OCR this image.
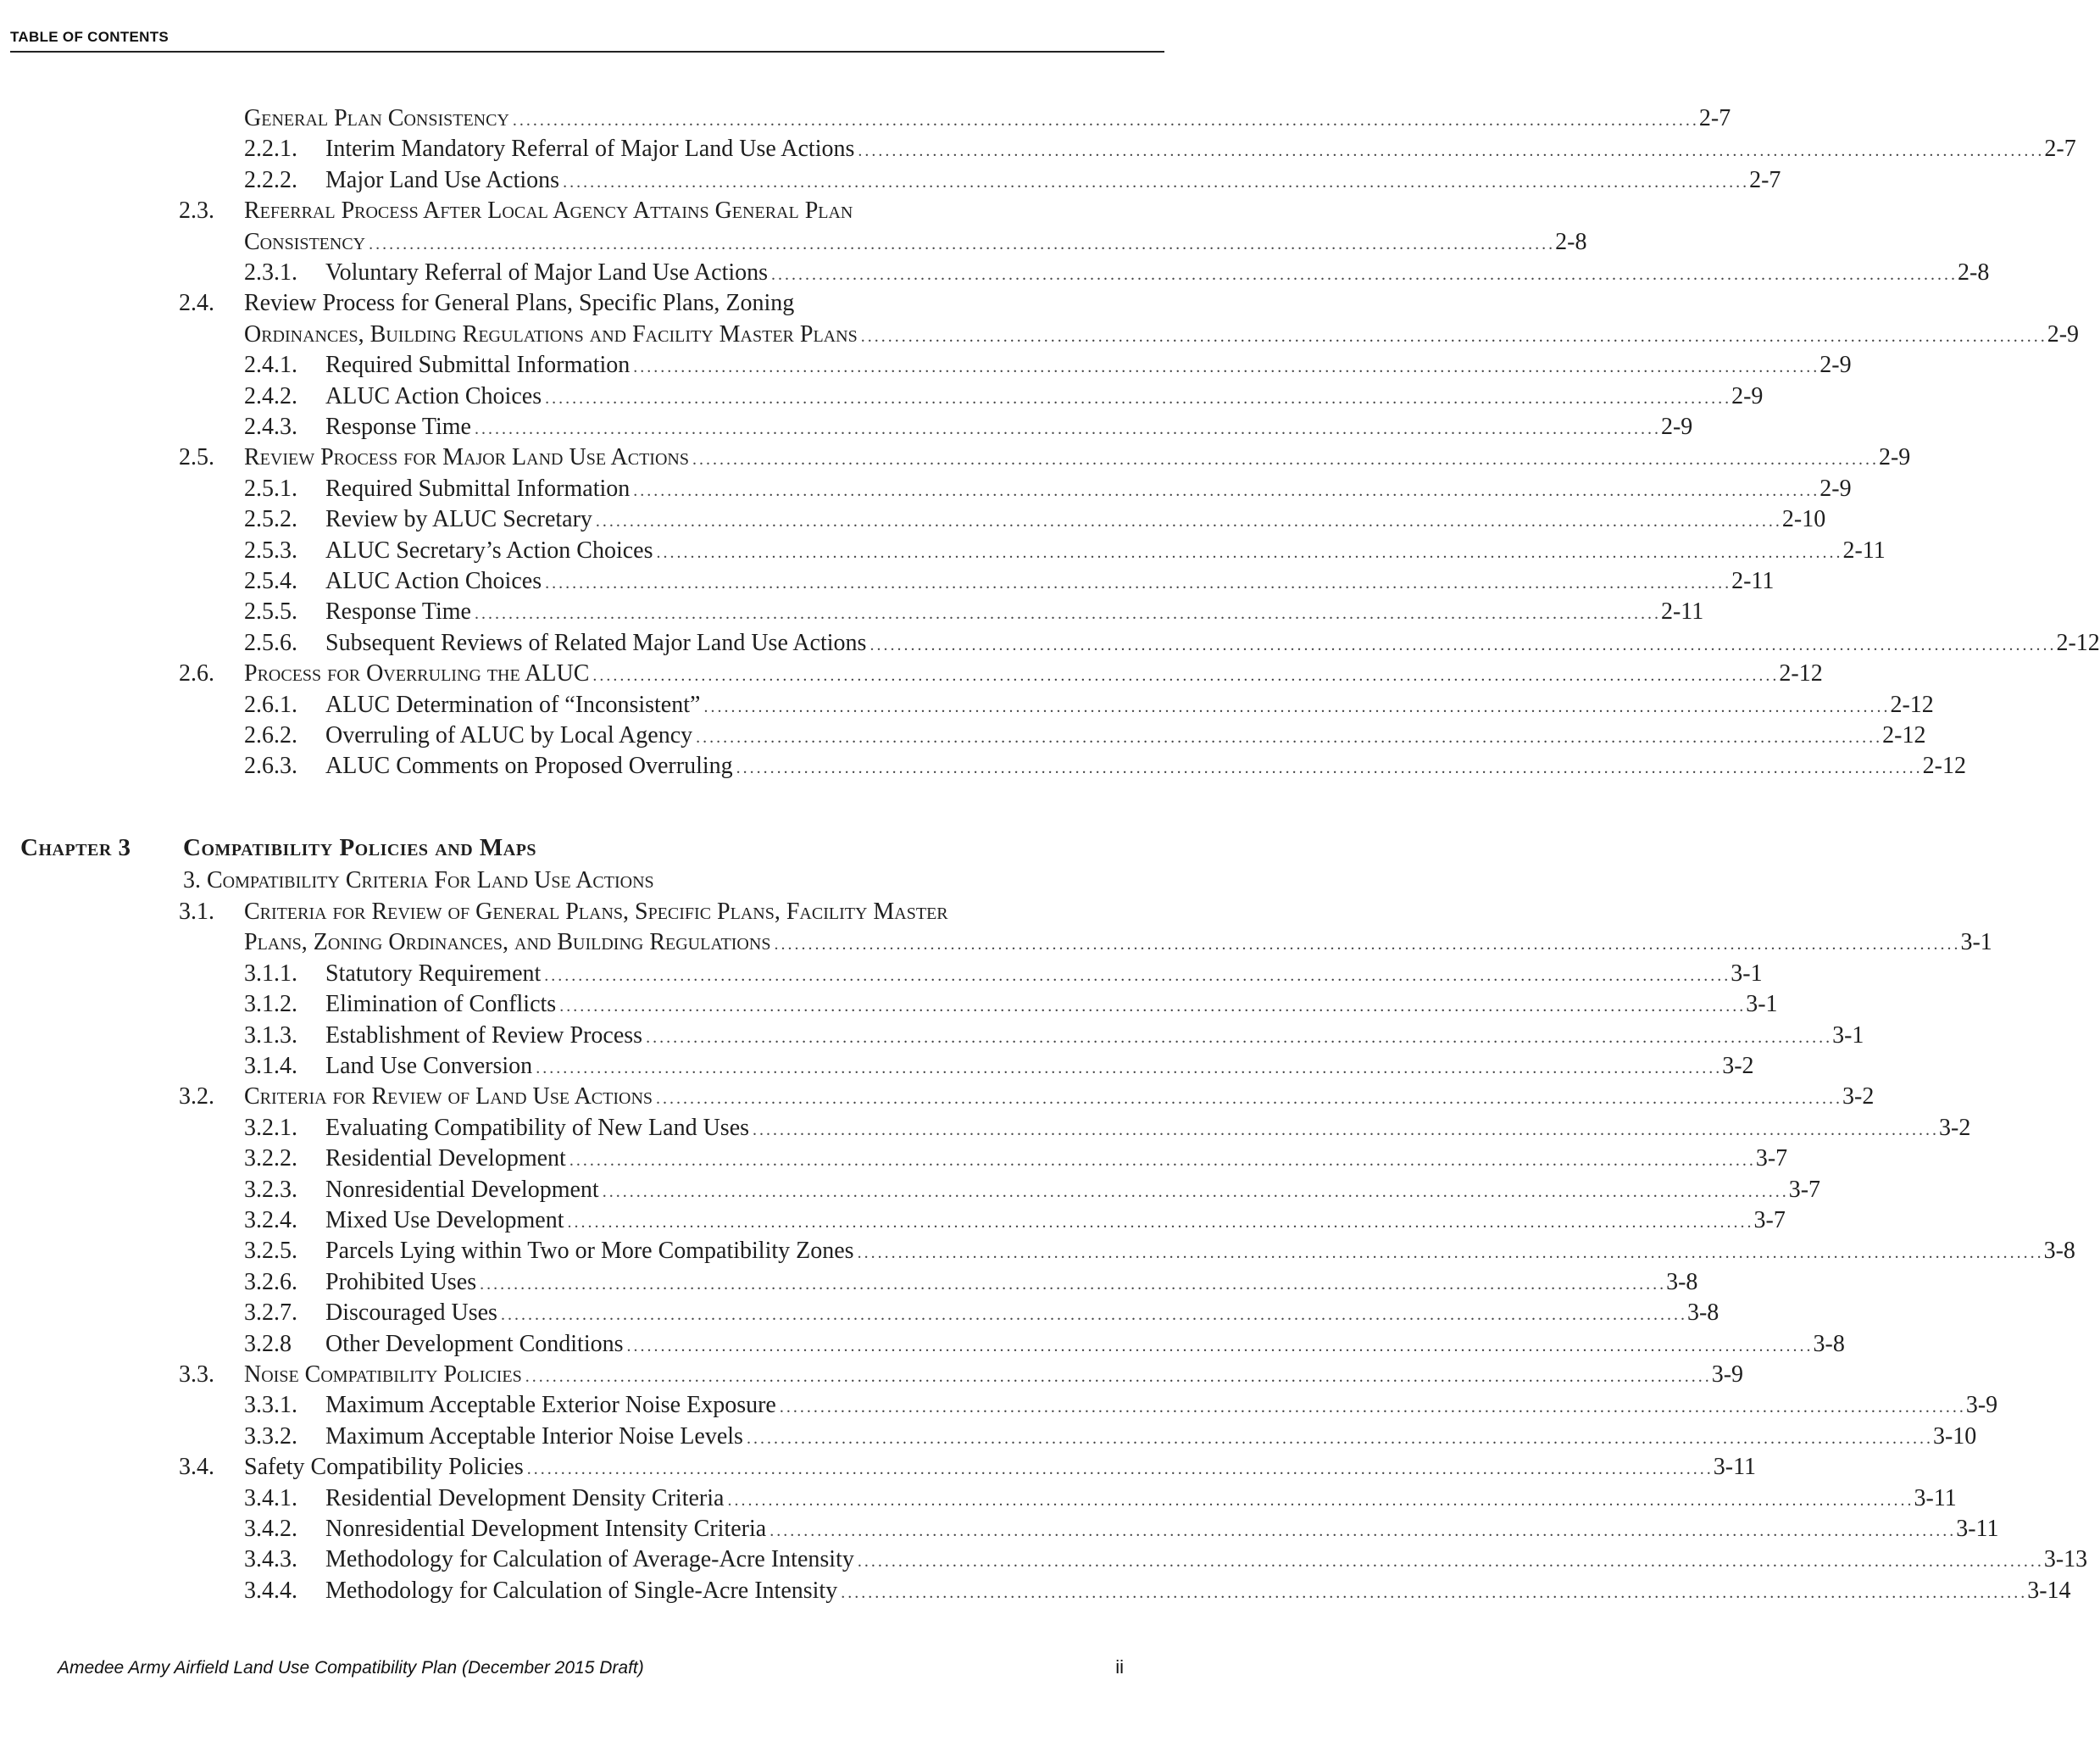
TABLE OF CONTENTS
General Plan Consistency . . .	2-7
2.2.1. Interim Mandatory Referral of Major Land Use Actions . . .	2-7
2.2.2. Major Land Use Actions . . .	2-7
2.3. Referral Process After Local Agency Attains General Plan
Consistency . . .	2-8
2.3.1. Voluntary Referral of Major Land Use Actions . . .	2-8
2.4. Review Process for General Plans, Specific Plans, Zoning
Ordinances, Building Regulations and Facility Master Plans . . .	2-9
2.4.1. Required Submittal Information . . .	2-9
2.4.2. ALUC Action Choices . . .	2-9
2.4.3. Response Time . . .	2-9
2.5. Review Process for Major Land Use Actions . . .	2-9
2.5.1. Required Submittal Information . . .	2-9
2.5.2. Review by ALUC Secretary . . .	2-10
2.5.3. ALUC Secretary’s Action Choices . . .	2-11
2.5.4. ALUC Action Choices . . .	2-11
2.5.5. Response Time . . .	2-11
2.5.6. Subsequent Reviews of Related Major Land Use Actions . . .	2-12
2.6. Process for Overruling the ALUC . . .	2-12
2.6.1. ALUC Determination of “Inconsistent” . . .	2-12
2.6.2. Overruling of ALUC by Local Agency . . .	2-12
2.6.3. ALUC Comments on Proposed Overruling . . .	2-12
3.1. Criteria for Review of General Plans, Specific Plans, Facility Master
Plans, Zoning Ordinances, and Building Regulations . . .	3-1
3.1.1. Statutory Requirement . . .	3-1
3.1.2. Elimination of Conflicts . . .	3-1
3.1.3. Establishment of Review Process . . .	3-1
3.1.4. Land Use Conversion . . .	3-2
3.2. Criteria for Review of Land Use Actions . . .	3-2
3.2.1. Evaluating Compatibility of New Land Uses . . .	3-2
3.2.2. Residential Development . . .	3-7
3.2.3. Nonresidential Development . . .	3-7
3.2.4. Mixed Use Development . . .	3-7
3.2.5. Parcels Lying within Two or More Compatibility Zones . . .	3-8
3.2.6. Prohibited Uses . . .	3-8
3.2.7. Discouraged Uses . . .	3-8
3.2.8 Other Development Conditions . . .	3-8
3.3. Noise Compatibility Policies . . .	3-9
3.3.1. Maximum Acceptable Exterior Noise Exposure . . .	3-9
3.3.2. Maximum Acceptable Interior Noise Levels . . .	3-10
3.4. Safety Compatibility Policies . . .	3-11
3.4.1. Residential Development Density Criteria . . .	3-11
3.4.2. Nonresidential Development Intensity Criteria . . .	3-11
3.4.3. Methodology for Calculation of Average-Acre Intensity . . .	3-13
3.4.4. Methodology for Calculation of Single-Acre Intensity . . .	3-14
Chapter 3 Compatibility Policies and Maps
3. Compatibility Criteria For Land Use Actions
Amedee Army Airfield Land Use Compatibility Plan (December 2015 Draft)	ii
